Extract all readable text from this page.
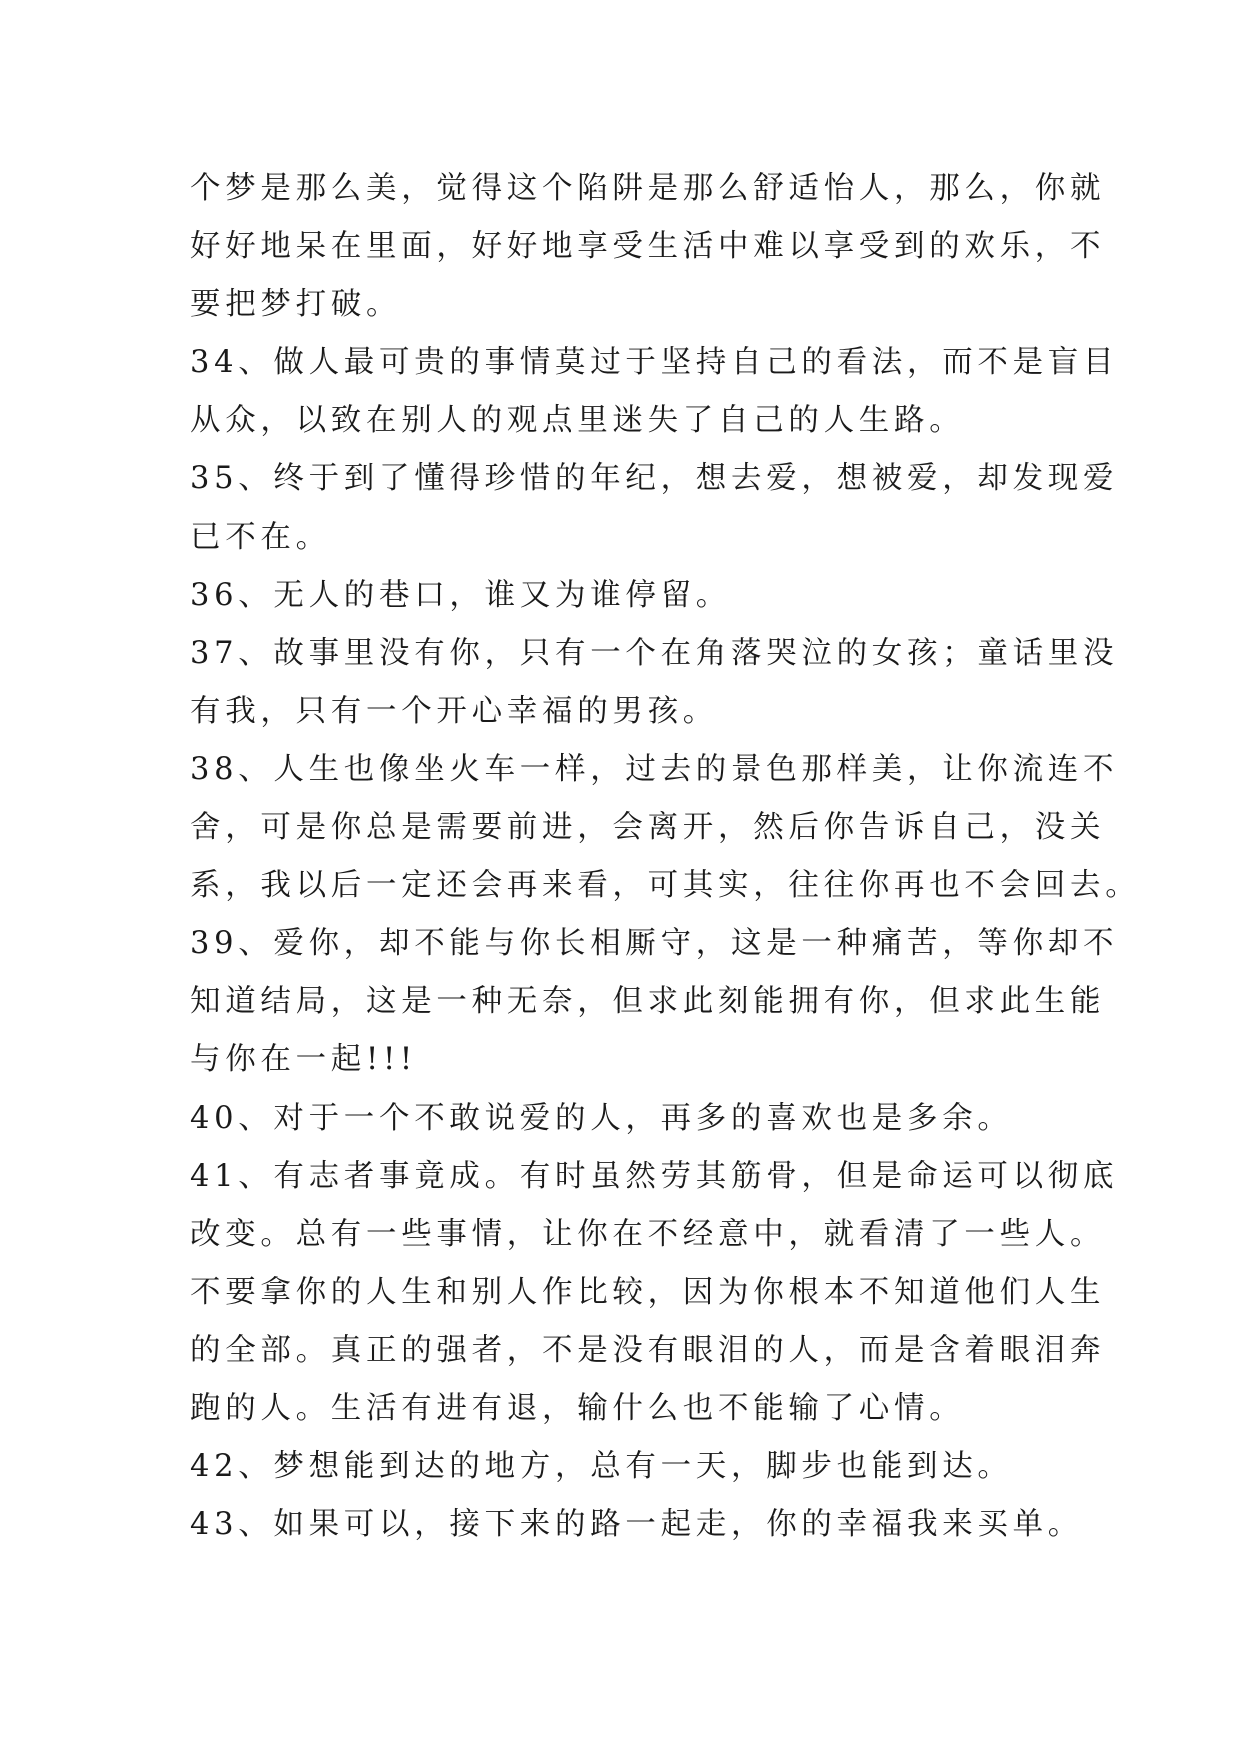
个梦是那么美，觉得这个陷阱是那么舒适怡人，那么，你就
好好地呆在里面，好好地享受生活中难以享受到的欢乐，不
要把梦打破。
34、做人最可贵的事情莫过于坚持自己的看法，而不是盲目
从众，以致在别人的观点里迷失了自己的人生路。
35、终于到了懂得珍惜的年纪，想去爱，想被爱，却发现爱
已不在。
36、无人的巷口，谁又为谁停留。
37、故事里没有你，只有一个在角落哭泣的女孩；童话里没
有我，只有一个开心幸福的男孩。
38、人生也像坐火车一样，过去的景色那样美，让你流连不
舍，可是你总是需要前进，会离开，然后你告诉自己，没关
系，我以后一定还会再来看，可其实，往往你再也不会回去。
39、爱你，却不能与你长相厮守，这是一种痛苦，等你却不
知道结局，这是一种无奈，但求此刻能拥有你，但求此生能
与你在一起!!!
40、对于一个不敢说爱的人，再多的喜欢也是多余。
41、有志者事竟成。有时虽然劳其筋骨，但是命运可以彻底
改变。总有一些事情，让你在不经意中，就看清了一些人。
不要拿你的人生和别人作比较，因为你根本不知道他们人生
的全部。真正的强者，不是没有眼泪的人，而是含着眼泪奔
跑的人。生活有进有退，输什么也不能输了心情。
42、梦想能到达的地方，总有一天，脚步也能到达。
43、如果可以，接下来的路一起走，你的幸福我来买单。
